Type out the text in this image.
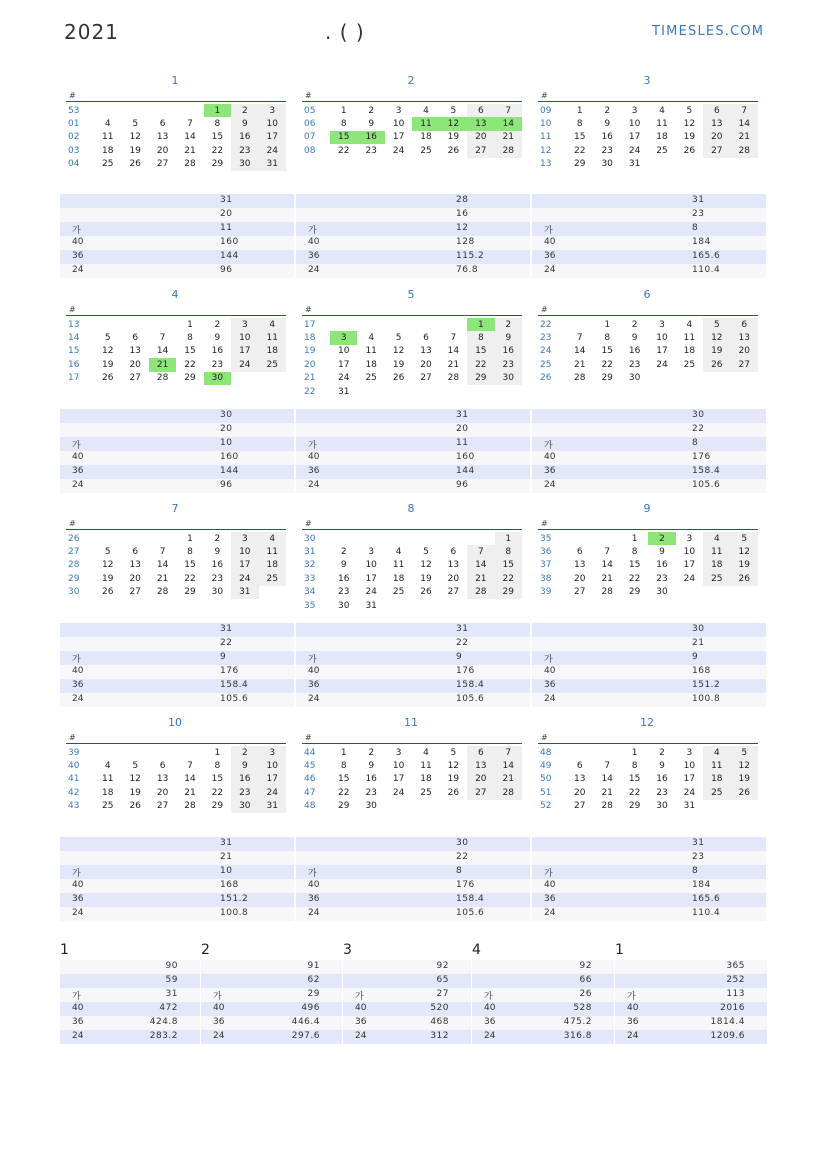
2021	. ( )	TIMESLES.COM
1
#
53					1	2	3
01	4	5	6	7	8	9	10
02	11	12	13	14	15	16	17
03	18	19	20	21	22	23	24
04	25	26	27	28	29	30	31
31
20
가	11
40	160
36	144
24	96
2
#
05	1	2	3	4	5	6	7
06	8	9	10	11	12	13	14
07	15	16	17	18	19	20	21
08	22	23	24	25	26	27	28
28
16
가	12
40	128
36	115.2
24	76.8
3
#
09	1	2	3	4	5	6	7
10	8	9	10	11	12	13	14
11	15	16	17	18	19	20	21
12	22	23	24	25	26	27	28
13	29	30	31				
31
23
가	8
40	184
36	165.6
24	110.4
4
#
13				1	2	3	4
14	5	6	7	8	9	10	11
15	12	13	14	15	16	17	18
16	19	20	21	22	23	24	25
17	26	27	28	29	30		
30
20
가	10
40	160
36	144
24	96
5
#
17						1	2
18	3	4	5	6	7	8	9
19	10	11	12	13	14	15	16
20	17	18	19	20	21	22	23
21	24	25	26	27	28	29	30
22	31						
31
20
가	11
40	160
36	144
24	96
6
#
22		1	2	3	4	5	6
23	7	8	9	10	11	12	13
24	14	15	16	17	18	19	20
25	21	22	23	24	25	26	27
26	28	29	30				
30
22
가	8
40	176
36	158.4
24	105.6
7
#
26				1	2	3	4
27	5	6	7	8	9	10	11
28	12	13	14	15	16	17	18
29	19	20	21	22	23	24	25
30	26	27	28	29	30	31	
31
22
가	9
40	176
36	158.4
24	105.6
8
#
30							1
31	2	3	4	5	6	7	8
32	9	10	11	12	13	14	15
33	16	17	18	19	20	21	22
34	23	24	25	26	27	28	29
35	30	31					
31
22
가	9
40	176
36	158.4
24	105.6
9
#
35			1	2	3	4	5
36	6	7	8	9	10	11	12
37	13	14	15	16	17	18	19
38	20	21	22	23	24	25	26
39	27	28	29	30			
30
21
가	9
40	168
36	151.2
24	100.8
10
#
39					1	2	3
40	4	5	6	7	8	9	10
41	11	12	13	14	15	16	17
42	18	19	20	21	22	23	24
43	25	26	27	28	29	30	31
31
21
가	10
40	168
36	151.2
24	100.8
11
#
44	1	2	3	4	5	6	7
45	8	9	10	11	12	13	14
46	15	16	17	18	19	20	21
47	22	23	24	25	26	27	28
48	29	30					
30
22
가	8
40	176
36	158.4
24	105.6
12
#
48			1	2	3	4	5
49	6	7	8	9	10	11	12
50	13	14	15	16	17	18	19
51	20	21	22	23	24	25	26
52	27	28	29	30	31		
31
23
가	8
40	184
36	165.6
24	110.4
1
90
59
가	31
40	472
36	424.8
24	283.2
2
91
62
가	29
40	496
36	446.4
24	297.6
3
92
65
가	27
40	520
36	468
24	312
4
92
66
가	26
40	528
36	475.2
24	316.8
1
365
252
가	113
40	2016
36	1814.4
24	1209.6
